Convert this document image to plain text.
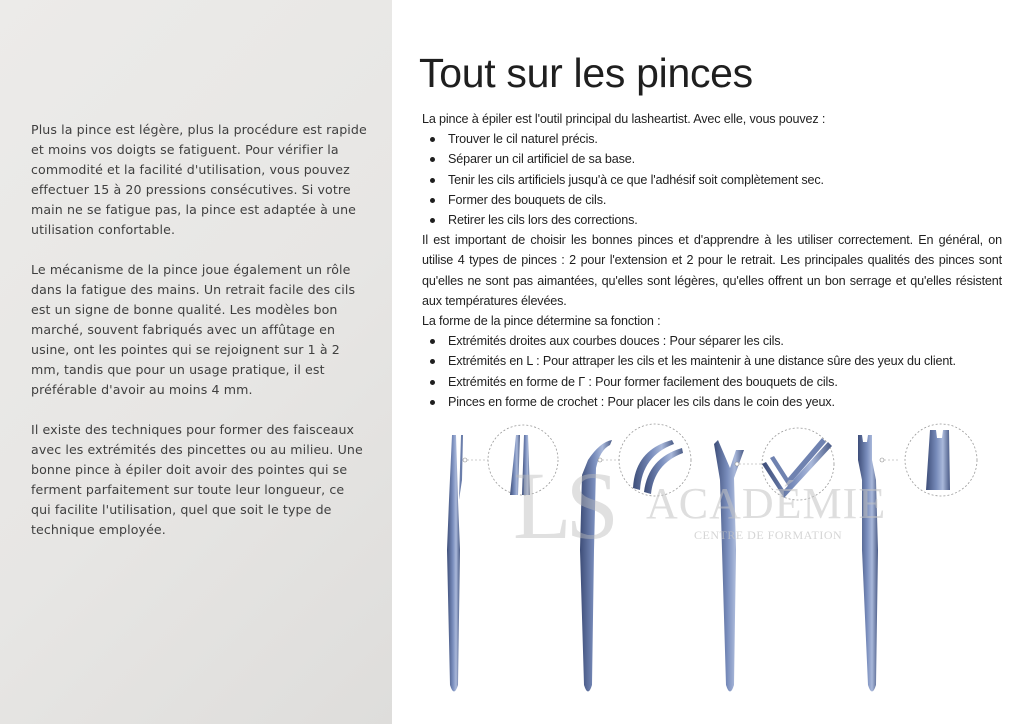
Plus la pince est légère, plus la procédure est rapide et moins vos doigts se fatiguent. Pour vérifier la commodité et la facilité d'utilisation, vous pouvez effectuer 15 à 20 pressions consécutives. Si votre main ne se fatigue pas, la pince est adaptée à une utilisation confortable.

Le mécanisme de la pince joue également un rôle dans la fatigue des mains. Un retrait facile des cils est un signe de bonne qualité. Les modèles bon marché, souvent fabriqués avec un affûtage en usine, ont les pointes qui se rejoignent sur 1 à 2 mm, tandis que pour un usage pratique, il est préférable d'avoir au moins 4 mm.

Il existe des techniques pour former des faisceaux avec les extrémités des pincettes ou au milieu. Une bonne pince à épiler doit avoir des pointes qui se ferment parfaitement sur toute leur longueur, ce qui facilite l'utilisation, quel que soit le type de technique employée.

Tout sur les pinces
La pince à épiler est l'outil principal du lasheartist. Avec elle, vous pouvez :
Trouver le cil naturel précis.
Séparer un cil artificiel de sa base.
Tenir les cils artificiels jusqu'à ce que l'adhésif soit complètement sec.
Former des bouquets de cils.
Retirer les cils lors des corrections.
Il est important de choisir les bonnes pinces et d'apprendre à les utiliser correctement. En général, on utilise 4 types de pinces : 2 pour l'extension et 2 pour le retrait. Les principales qualités des pinces sont qu'elles ne sont pas aimantées, qu'elles sont légères, qu'elles offrent un bon serrage et qu'elles résistent aux températures élevées.
La forme de la pince détermine sa fonction :
Extrémités droites aux courbes douces : Pour séparer les cils.
Extrémités en L : Pour attraper les cils et les maintenir à une distance sûre des yeux du client.
Extrémités en forme de Γ : Pour former facilement des bouquets de cils.
Pinces en forme de crochet : Pour placer les cils dans le coin des yeux.
LS ACADÉMIE
CENTRE DE FORMATION
